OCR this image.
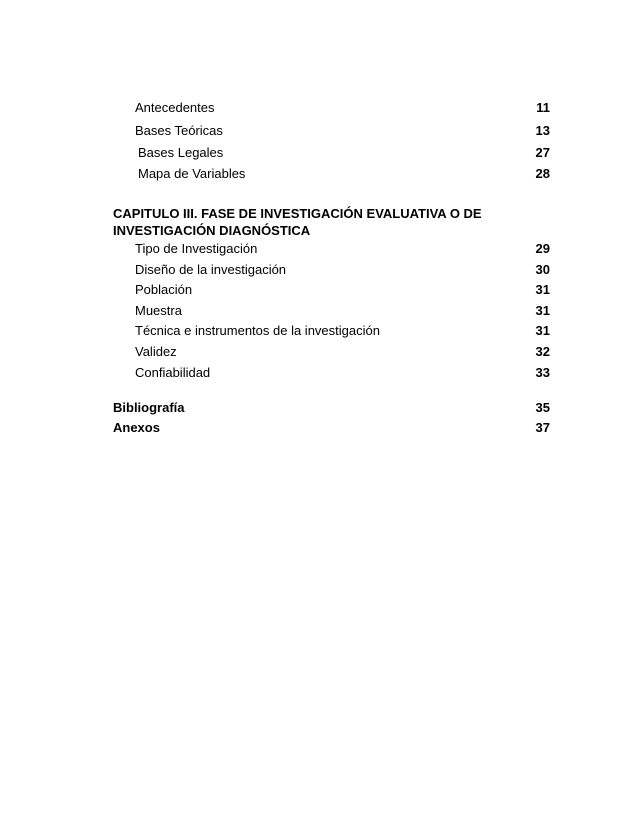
Antecedentes	11
Bases Teóricas	13
Bases Legales	27
Mapa de Variables	28
CAPITULO III. FASE DE INVESTIGACIÓN EVALUATIVA O DE
INVESTIGACIÓN DIAGNÓSTICA
Tipo de Investigación	29
Diseño de la investigación	30
Población	31
Muestra	31
Técnica e instrumentos de la investigación	31
Validez	32
Confiabilidad	33
Bibliografía	35
Anexos	37
